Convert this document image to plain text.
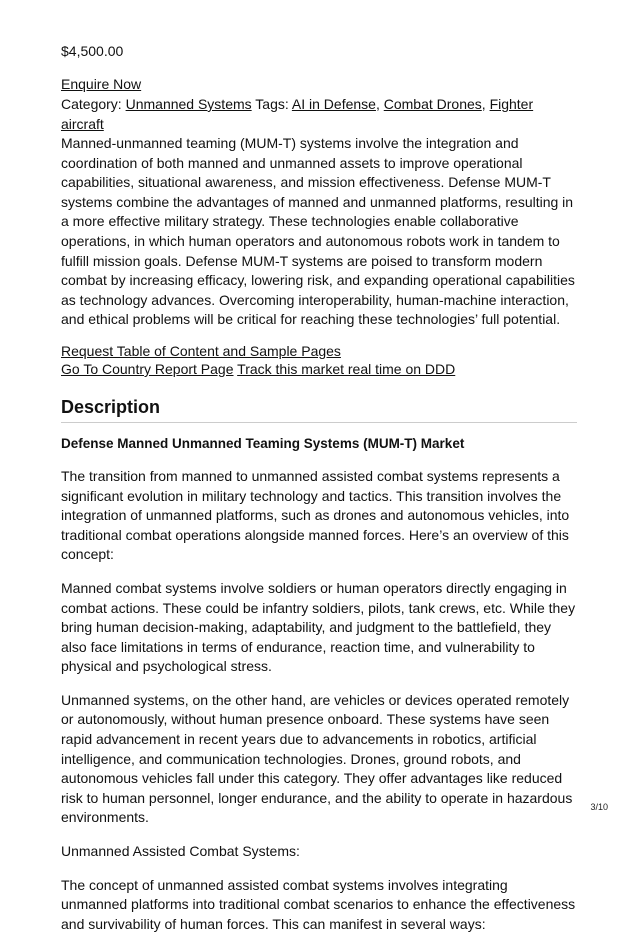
$4,500.00
Enquire Now
Category: Unmanned Systems Tags: AI in Defense, Combat Drones, Fighter aircraft
Manned-unmanned teaming (MUM-T) systems involve the integration and coordination of both manned and unmanned assets to improve operational capabilities, situational awareness, and mission effectiveness. Defense MUM-T systems combine the advantages of manned and unmanned platforms, resulting in a more effective military strategy. These technologies enable collaborative operations, in which human operators and autonomous robots work in tandem to fulfill mission goals. Defense MUM-T systems are poised to transform modern combat by increasing efficacy, lowering risk, and expanding operational capabilities as technology advances. Overcoming interoperability, human-machine interaction, and ethical problems will be critical for reaching these technologies’ full potential.
Request Table of Content and Sample Pages
Go To Country Report Page Track this market real time on DDD
Description
Defense Manned Unmanned Teaming Systems (MUM-T) Market

The transition from manned to unmanned assisted combat systems represents a significant evolution in military technology and tactics. This transition involves the integration of unmanned platforms, such as drones and autonomous vehicles, into traditional combat operations alongside manned forces. Here’s an overview of this concept:

Manned combat systems involve soldiers or human operators directly engaging in combat actions. These could be infantry soldiers, pilots, tank crews, etc. While they bring human decision-making, adaptability, and judgment to the battlefield, they also face limitations in terms of endurance, reaction time, and vulnerability to physical and psychological stress.

Unmanned systems, on the other hand, are vehicles or devices operated remotely or autonomously, without human presence onboard. These systems have seen rapid advancement in recent years due to advancements in robotics, artificial intelligence, and communication technologies. Drones, ground robots, and autonomous vehicles fall under this category. They offer advantages like reduced risk to human personnel, longer endurance, and the ability to operate in hazardous environments.

Unmanned Assisted Combat Systems:

The concept of unmanned assisted combat systems involves integrating unmanned platforms into traditional combat scenarios to enhance the effectiveness and survivability of human forces. This can manifest in several ways:

3/10
